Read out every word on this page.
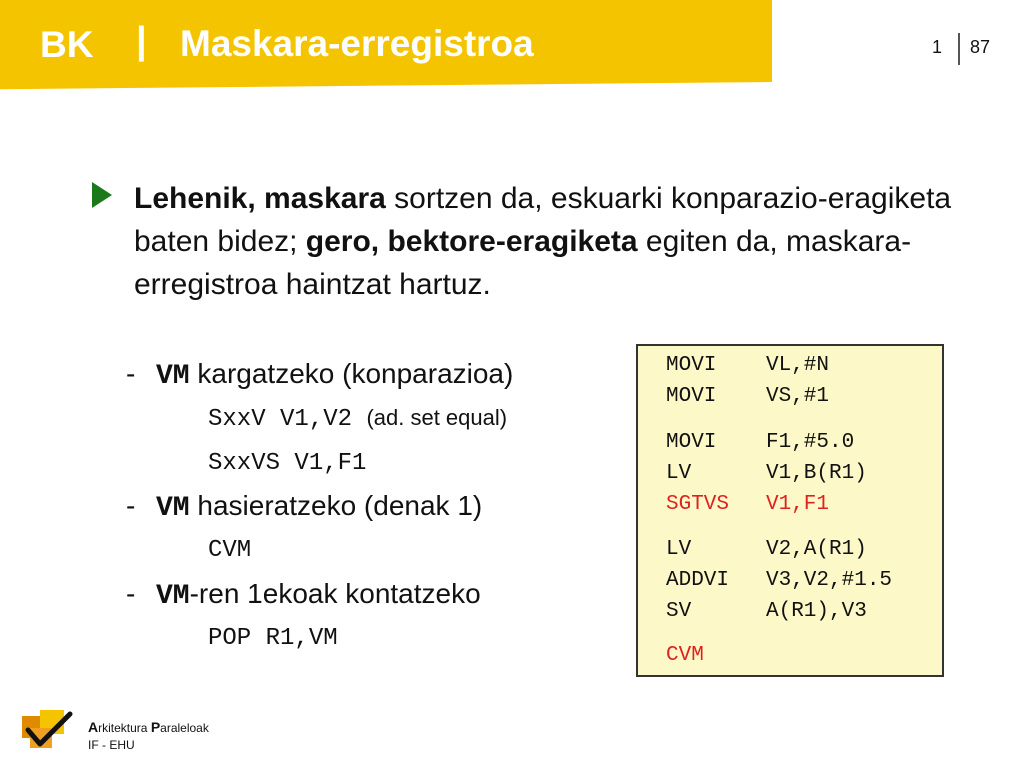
BK | Maskara-erregistroa	1 87
Lehenik, maskara sortzen da, eskuarki konparazio-eragiketa baten bidez; gero, bektore-eragiketa egiten da, maskara-erregistroa haintzat hartuz.
- VM kargatzeko (konparazioa)
SxxV V1,V2 (ad. set equal)
SxxVS V1,F1
- VM hasieratzeko (denak 1)
CVM
- VM-ren 1ekoak kontatzeko
POP R1,VM
MOVI VL,#N
MOVI VS,#1
MOVI F1,#5.0
LV	V1,B(R1)
SGTVS V1,F1
LV	V2,A(R1)
ADDVI V3,V2,#1.5
SV	A(R1),V3
CVM
Arkitektura Paraleloak
IF - EHU
